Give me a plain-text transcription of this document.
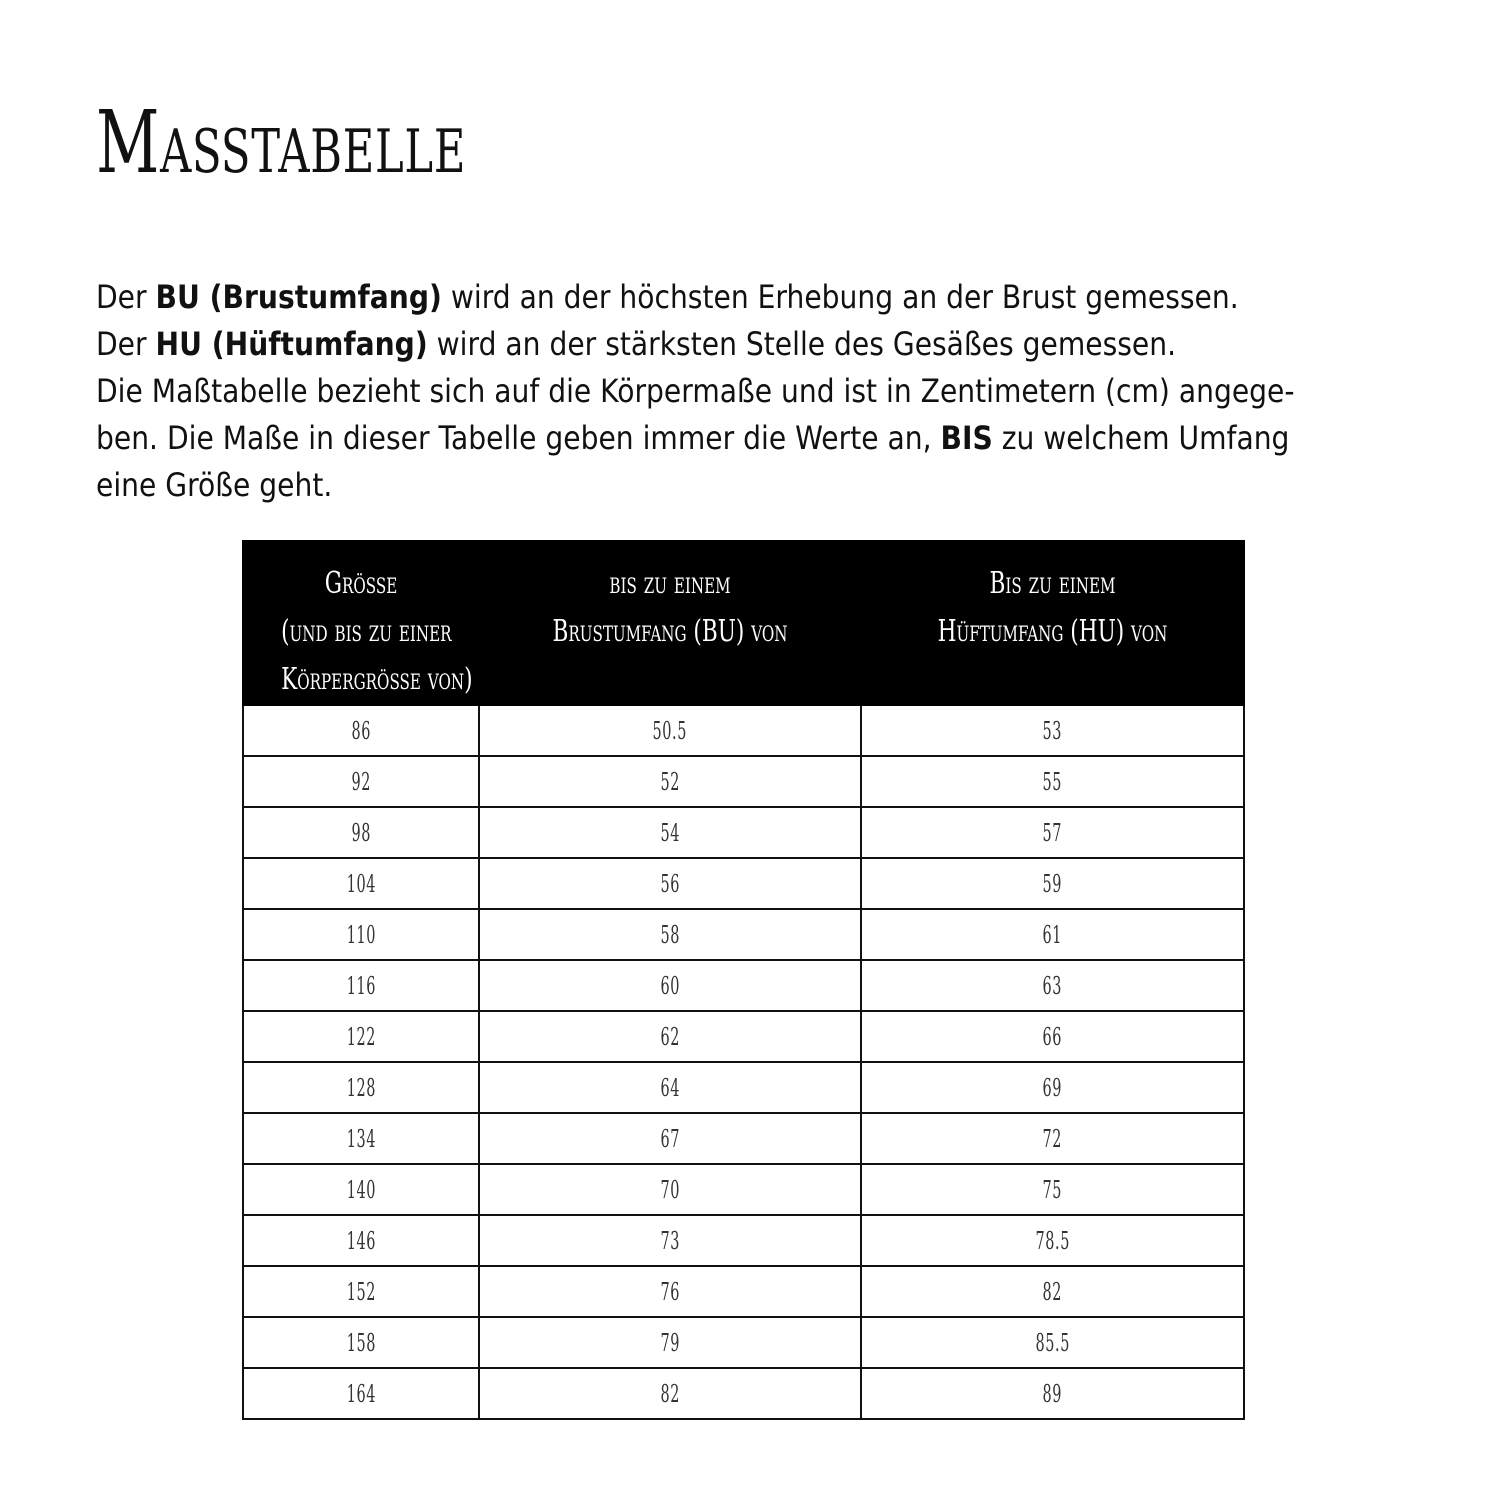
Maßtabelle

Der BU (Brustumfang) wird an der höchsten Erhebung an der Brust gemessen.

Der HU (Hüftumfang) wird an der stärksten Stelle des Gesäßes gemessen.

Die Maßtabelle bezieht sich auf die Körpermaße und ist in Zentimetern (cm) angege-

ben. Die Maße in dieser Tabelle geben immer die Werte an, BIS zu welchem Umfang

eine Größe geht.

Größe
(und bis zu einer
Körpergröße von)	bis zu einem
Brustumfang (BU) von	Bis zu einem
Hüftumfang (HU) von

86	50.5	53
92	52	55
98	54	57
104	56	59
110	58	61
116	60	63
122	62	66
128	64	69
134	67	72
140	70	75
146	73	78.5
152	76	82
158	79	85.5
164	82	89
